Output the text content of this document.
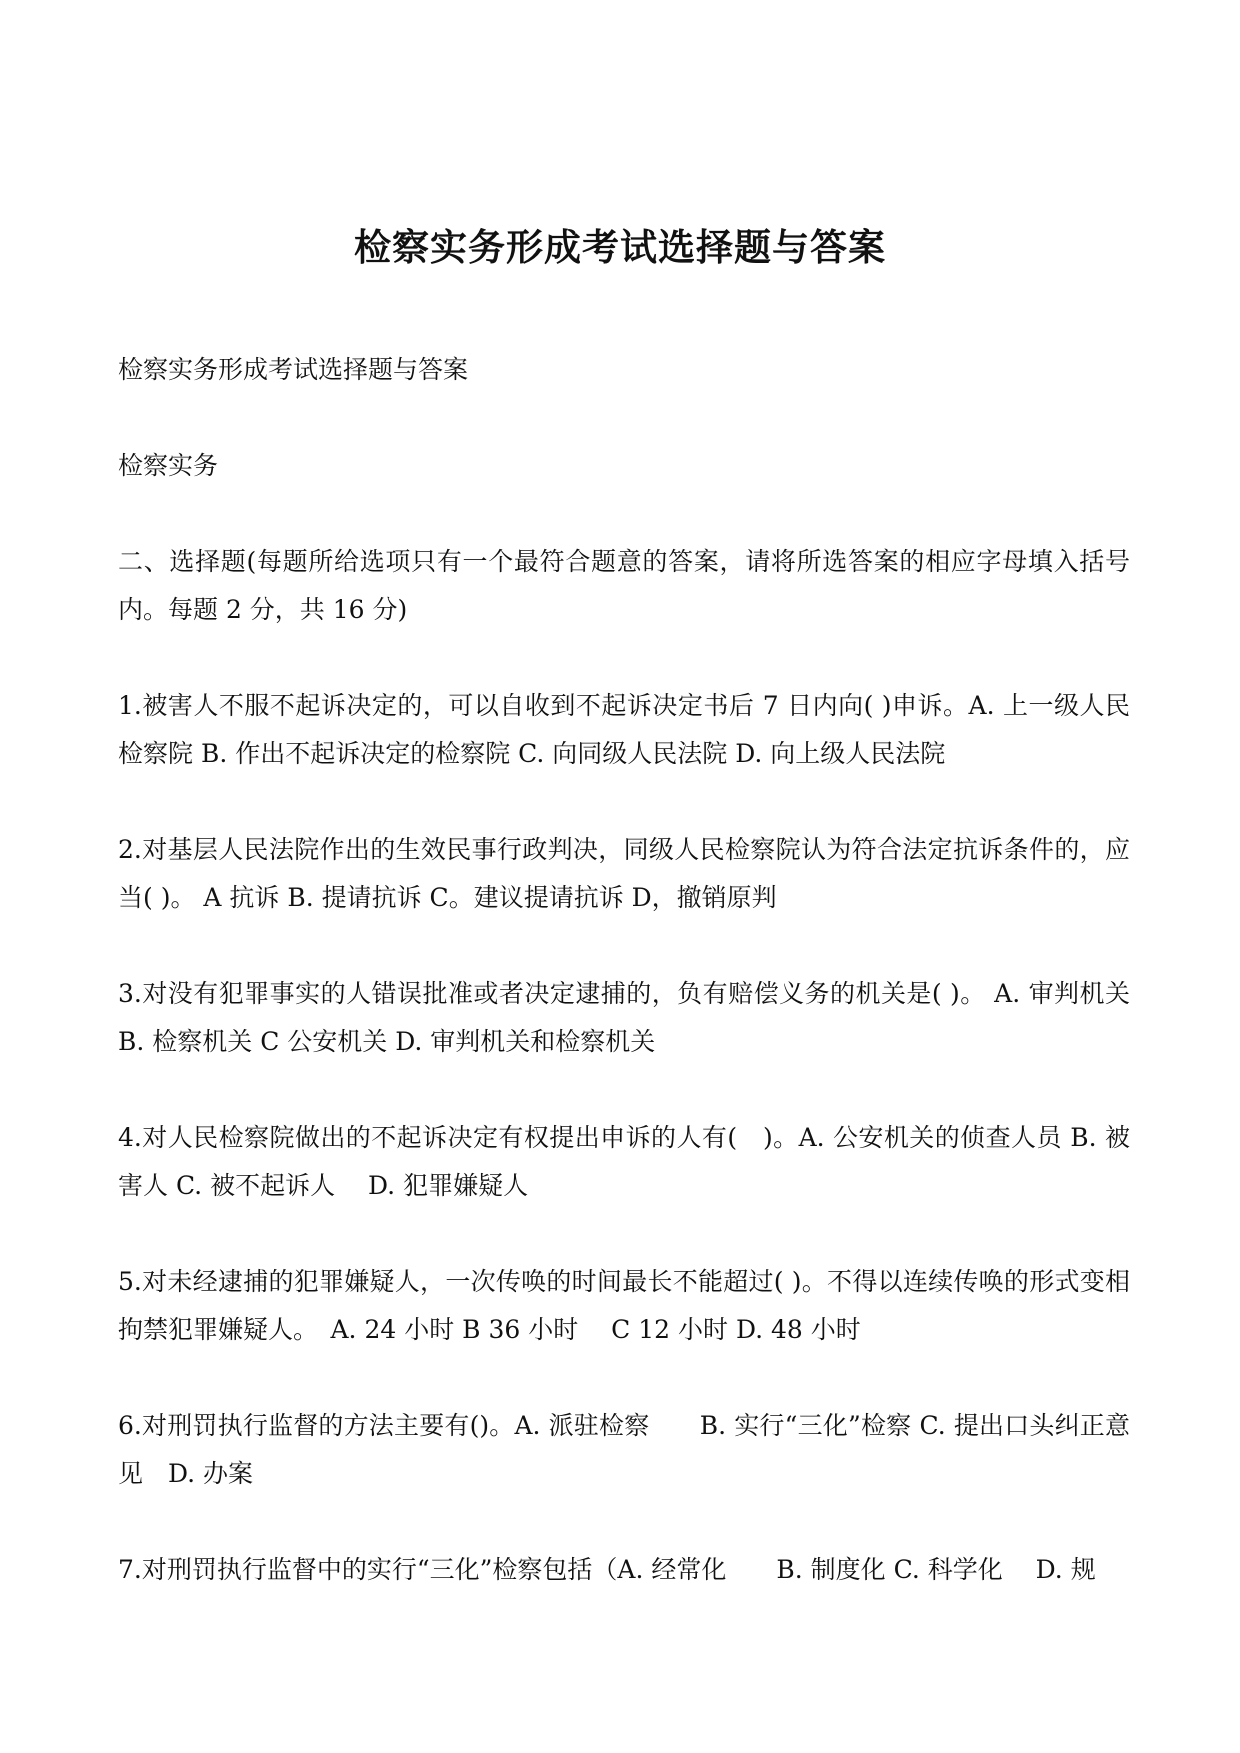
检察实务形成考试选择题与答案

检察实务形成考试选择题与答案

检察实务

二、选择题(每题所给选项只有一个最符合题意的答案，请将所选答案的相应字母填入括号内。每题 2 分，共 16 分)

1.被害人不服不起诉决定的，可以自收到不起诉决定书后 7 日内向( )申诉。A. 上一级人民检察院 B. 作出不起诉决定的检察院 C. 向同级人民法院 D. 向上级人民法院

2.对基层人民法院作出的生效民事行政判决，同级人民检察院认为符合法定抗诉条件的，应当( )。 A 抗诉 B. 提请抗诉 C。建议提请抗诉 D，撤销原判

3.对没有犯罪事实的人错误批准或者决定逮捕的，负有赔偿义务的机关是( )。 A. 审判机关 B. 检察机关 C 公安机关 D. 审判机关和检察机关

4.对人民检察院做出的不起诉决定有权提出申诉的人有(　)。A. 公安机关的侦查人员 B. 被害人 C. 被不起诉人　 D. 犯罪嫌疑人

5.对未经逮捕的犯罪嫌疑人，一次传唤的时间最长不能超过( )。不得以连续传唤的形式变相拘禁犯罪嫌疑人。　A. 24 小时 B 36 小时　 C 12 小时 D. 48 小时

6.对刑罚执行监督的方法主要有()。A. 派驻检察　　B. 实行“三化”检察 C. 提出口头纠正意见　D. 办案

7.对刑罚执行监督中的实行“三化”检察包括（A. 经常化　　B. 制度化 C. 科学化　 D. 规
